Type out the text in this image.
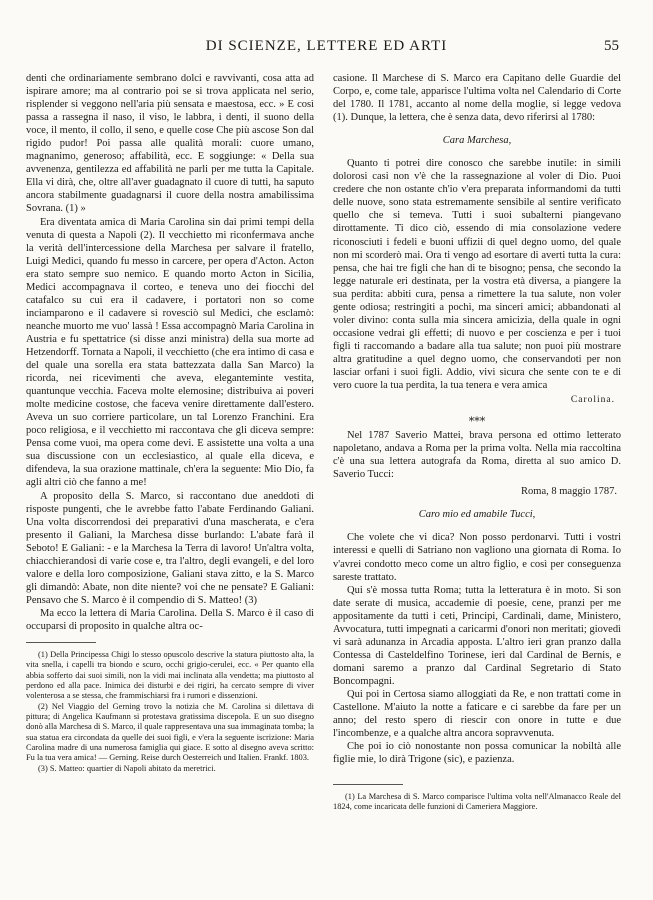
DI SCIENZE, LETTERE ED ARTI	55

denti che ordinariamente sembrano dolci e ravvivanti, cosa atta ad ispirare amore; ma al contrario poi se si trova applicata nel serio, risplender si veggono nell'aria più sensata e maestosa, ecc. » E così ⁠passa a rassegna il naso, il viso, le labbra, i denti, il suono della voce, il mento, il collo, il seno, e quelle cose Che più ascose Son dal rigido pudor! Poi passa alle qualità morali: cuore umano, magnanimo, generoso; affabilità, ecc. E soggiunge: « Della sua avvenenza, gentilezza ed affabilità ne parli per me tutta la Capitale. Ella vi dirà, che, oltre all'aver guadagnato il cuore di tutti, ha saputo ancora stabilmente guadagnarsi il cuore della nostra amabilissima Sovrana. (1) »

Era diventata amica di Maria Carolina sin dai primi tempi della venuta di questa a Napoli (2). Il vecchietto mi riconfermava anche la verità dell'intercessione della Marchesa per salvare il fratello, Luigi Medici, quando fu messo in carcere, per opera d'Acton. Acton era stato sempre suo nemico. E quando morto Acton in Sicilia, Medici accompagnava il corteo, e teneva uno dei fiocchi del catafalco su cui era il cadavere, i portatori non so come inciamparono e il cadavere si rovesciò sul Medici, che esclamò: neanche muorto me vuo' lassà ! Essa accompagnò Maria Carolina in Austria e fu spettatrice (si disse anzi ministra) della sua morte ad Hetzendorff. Tornata a Napoli, il vecchietto (che era intimo di casa e del quale una sorella era stata battezzata dalla San Marco) la ricorda, nei ricevimenti che aveva, eleganteminte vestita, quantunque vecchia. Faceva molte elemosine; distribuiva ai poveri molte medicine costose, che faceva venire direttamente dall'estero. Aveva un suo corriere particolare, un tal Lorenzo Franchini. Era poco religiosa, e il vecchietto mi raccontava che gli diceva sempre: Pensa come vuoi, ma opera come devi. E assistette una volta a una sua discussione con un ecclesiastico, al quale ella diceva, e difendeva, la sua orazione mattinale, ch'era la seguente: Mio Dio, fa agli altri ciò che fanno a me!

A proposito della S. Marco, si raccontano due aneddoti di risposte pungenti, che le avrebbe fatto l'abate Ferdinando Galiani. Una volta discorrendosi dei preparativi d'una mascherata, e c'era presento il Galiani, la Marchesa disse burlando: L'abate farà il Seboto! E Galiani: - e la Marchesa la Terra di lavoro! Un'altra volta, chiacchierandosi di varie cose e, tra l'altro, degli evangeli, e del loro valore e della loro composizione, Galiani stava zitto, e la S. Marco gli dimandò: Abate, non dite niente? voi che ne pensate? E Galiani: Pensavo che S. Marco è il compendio di S. Matteo! (3)

Ma ecco la lettera di Maria Carolina. Della S. Marco è il caso di occuparsi di proposito in qualche altra oc-

(1) Della Principessa Chigi lo stesso opuscolo descrive la statura piuttosto alta, la vita snella, i capelli tra biondo e scuro, occhi grigio-cerulei, ecc. « Per quanto ella abbia sofferto dai suoi simili, non la vidi mai inclinata alla vendetta; ma piuttosto al perdono ed alla pace. Inimica dei disturbi e dei rigiri, ha cercato sempre di viver volenterosa a se stessa, che frammischiarsi fra i rumori e dissenzioni.

(2) Nel Viaggio del Gerning trovo la notizia che M. Carolina si dilettava di pittura; di Angelica Kaufmann si protestava gratissima discepola. E un suo disegno donò alla Marchesa di S. Marco, il quale rappresentava una sua immaginata tomba; la sua statua era circondata da quelle dei suoi figli, e v'era la seguente iscrizione: Maria Carolina madre di una numerosa famiglia qui giace. E sotto al disegno aveva scritto: Fu la tua vera amica! — Gerning. Reise durch Oesterreich und Italien. Frankf. 1803.

(3) S. Matteo: quartier di Napoli abitato da meretrici.

casione. Il Marchese di S. Marco era Capitano delle Guardie del Corpo, e, come tale, apparisce l'ultima volta nel Calendario di Corte del 1780. Il 1781, accanto al nome della moglie, si legge vedova (1). Dunque, la lettera, che è senza data, devo riferirsi al 1780:

Cara Marchesa,

Quanto ti potrei dire conosco che sarebbe inutile: in simili dolorosi casi non v'è che la rassegnazione al voler di Dio. Puoi credere che non ostante ch'io v'era preparata informandomi da tutti delle nuove, sono stata estremamente sensibile al sentire verificato quello che si temeva. Tutti i suoi subalterni piangevano dirottamente. Ti dico ciò, essendo di mia consolazione vedere riconosciuti i fedeli e buoni uffizii di quel degno uomo, del quale non mi scorderò mai. Ora ti vengo ad esortare di averti tutta la cura: pensa, che hai tre figli che han di te bisogno; pensa, che secondo la legge naturale eri destinata, per la vostra età diversa, a piangere la sua perdita: abbiti cura, pensa a rimettere la tua salute, non voler gente odiosa; restringiti a pochi, ma sinceri amici; abbandonati al voler divino: conta sulla mia sincera amicizia, della quale in ogni occasione vedrai gli effetti; di nuovo e per coscienza e per i tuoi figli ti raccomando a badare alla tua salute; non puoi più mostrare altra gratitudine a quel degno uomo, che conservandoti per non lasciar orfani i suoi figli. Addio, vivi sicura che sente con te e di vero cuore la tua perdita, la tua tenera e vera amica

Carolina.
⁎⁎⁎

Nel 1787 Saverio Mattei, brava persona ed ottimo letterato napoletano, andava a Roma per la prima volta. Nella mia raccoltina c'è una sua lettera autografa da Roma, diretta al suo amico D. Saverio Tucci:

Roma, 8 maggio 1787.
Caro mio ed amabile Tucci,

Che volete che vi dica? Non posso perdonarvi. Tutti i vostri interessi e quelli di Satriano non vagliono una giornata di Roma. Io v'avrei condotto meco come un altro figlio, e così per conseguenza sareste trattato.

Qui s'è mossa tutta Roma; tutta la letteratura è in moto. Si son date serate di musica, accademie di poesie, cene, pranzi per me appositamente da tutti i ceti, Principi, Cardinali, dame, Ministero, Avvocatura, tutti impegnati a caricarmi d'onori non meritati; giovedì vi sarà adunanza in Arcadia apposta. L'altro ieri gran pranzo dalla Contessa di Casteldelfino Torinese, ieri dal Cardinal de Bernis, e domani saremo a pranzo dal Cardinal Segretario di Stato Boncompagni.

Qui poi in Certosa siamo alloggiati da Re, e non trattati come in Castellone. M'aiuto la notte a faticare e ci sarebbe da fare per un anno; del resto spero di riescir con onore in tutte e due l'incombenze, e a qualche altra ancora sopravvenuta.

Che poi io ciò nonostante non possa comunicar la nobiltà alle figlie mie, lo dirà Trigone (sic), e pazienza.

(1) La Marchesa di S. Marco comparisce l'ultima volta nell'Almanacco Reale del 1824, come incaricata delle funzioni di Cameriera Maggiore.
